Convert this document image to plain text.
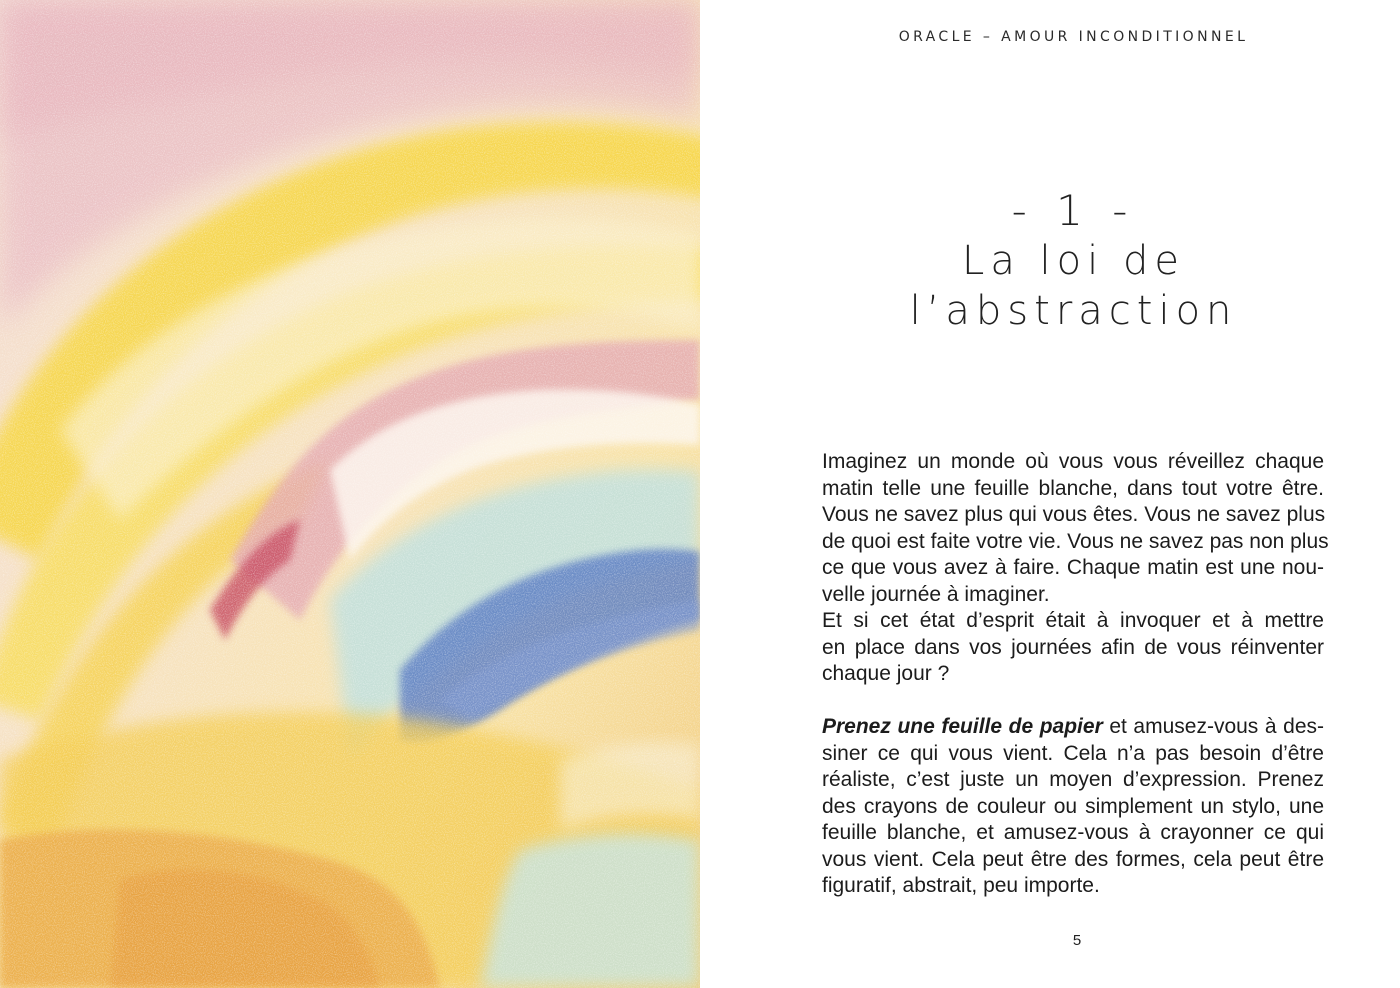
ORACLE – AMOUR INCONDITIONNEL
- 1 -
La loi de
l’abstraction
Imaginez un monde où vous vous réveillez chaque
matin telle une feuille blanche, dans tout votre être.
Vous ne savez plus qui vous êtes. Vous ne savez plus
de quoi est faite votre vie. Vous ne savez pas non plus
ce que vous avez à faire. Chaque matin est une nou-
velle journée à imaginer.
Et si cet état d’esprit était à invoquer et à mettre
en place dans vos journées afin de vous réinventer
chaque jour ?
Prenez une feuille de papier et amusez-vous à des-
siner ce qui vous vient. Cela n’a pas besoin d’être
réaliste, c’est juste un moyen d’expression. Prenez
des crayons de couleur ou simplement un stylo, une
feuille blanche, et amusez-vous à crayonner ce qui
vous vient. Cela peut être des formes, cela peut être
figuratif, abstrait, peu importe.
5
